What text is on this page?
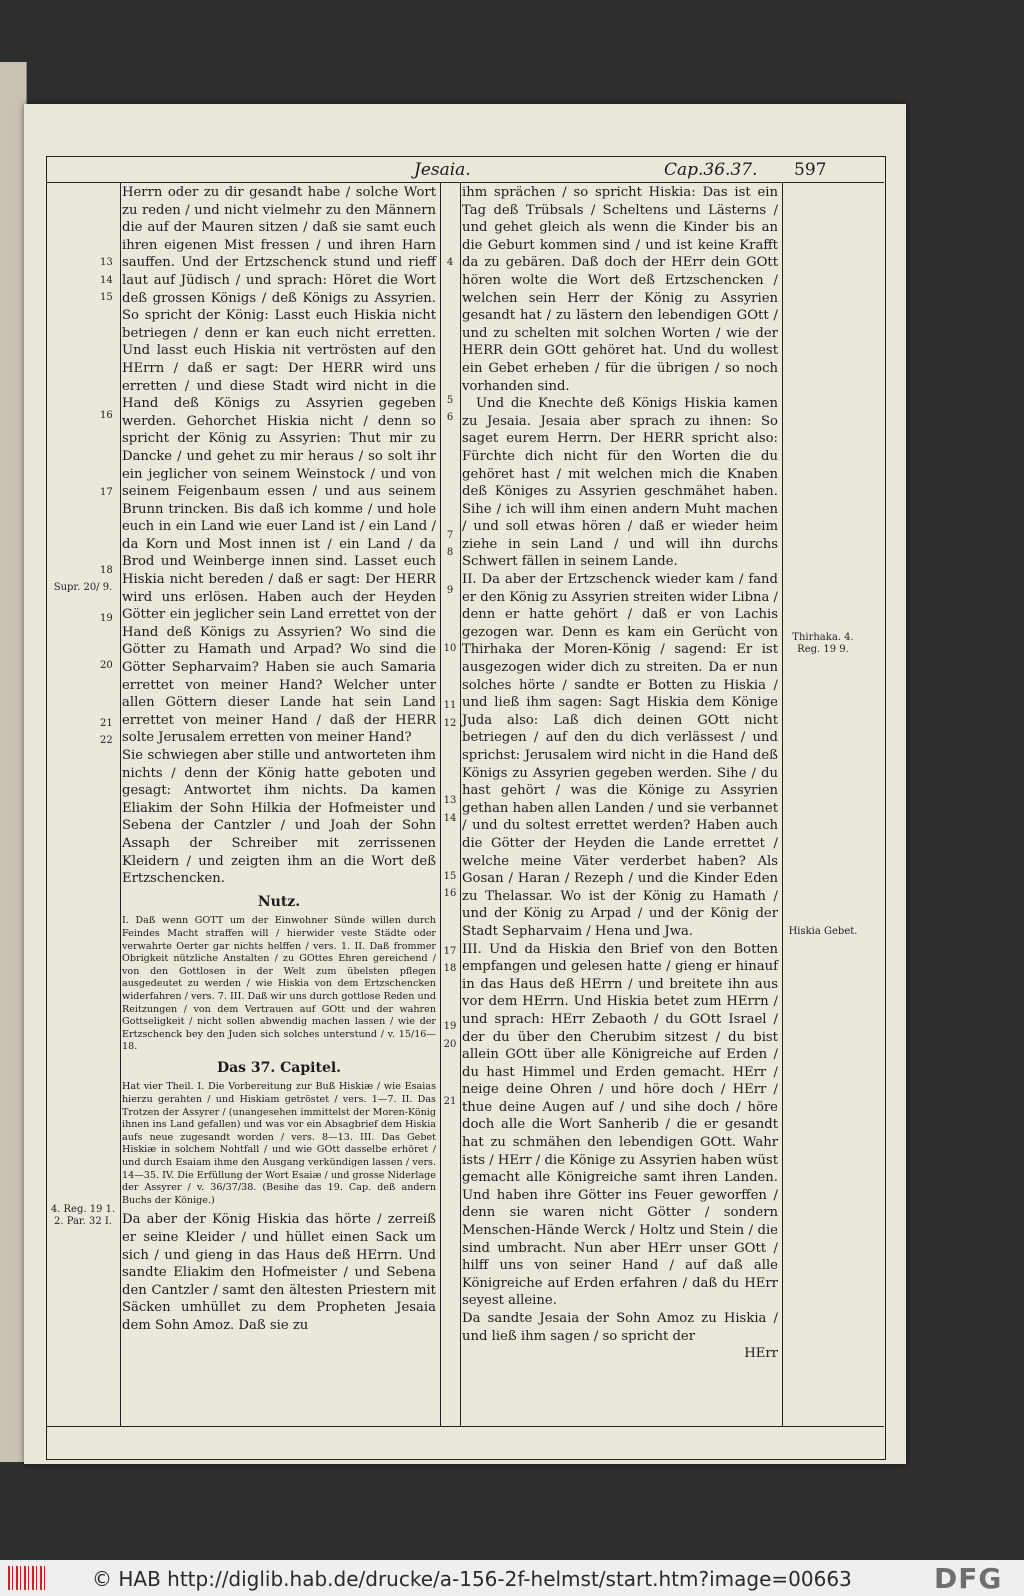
Jesaia.	Cap.36.37. 597
13
14
15
16
17
18
19
20
21
22

Herrn oder zu dir gesandt habe / solche Wort zu reden / und nicht vielmehr zu den Männern die auf der Mauren sitzen / daß sie samt euch ihren eigenen Mist fressen / und ihren Harn sauffen. Und der Ertzschenck stund und rieff laut auf Jüdisch / und sprach: Höret die Wort deß grossen Königs / deß Königs zu Assyrien. So spricht der König: Lasst euch Hiskia nicht betriegen / denn er kan euch nicht erretten. Und lasst euch Hiskia nit vertrösten auf den HErrn / daß er sagt: Der HERR wird uns erretten / und diese Stadt wird nicht in die Hand deß Königs zu Assyrien gegeben werden. Gehorchet Hiskia nicht / denn so spricht der König zu Assyrien: Thut mir zu Dancke / und gehet zu mir heraus / so solt ihr ein jeglicher von seinem Weinstock / und von seinem Feigenbaum essen / und aus seinem Brunn trincken. Bis daß ich komme / und hole euch in ein Land wie euer Land ist / ein Land / da Korn und Most innen ist / ein Land / da Brod und Weinberge innen sind. Lasset euch Hiskia nicht bereden / daß er sagt: Der HERR wird uns erlösen. Haben auch der Heyden Götter ein jeglicher sein Land errettet von der Hand deß Königs zu Assyrien? Wo sind die Götter zu Hamath und Arpad? Wo sind die Götter Sepharvaim? Haben sie auch Samaria errettet von meiner Hand? Welcher unter allen Göttern dieser Lande hat sein Land errettet von meiner Hand / daß der HERR solte Jerusalem erretten von meiner Hand?

Sie schwiegen aber stille und antworteten ihm nichts / denn der König hatte geboten und gesagt: Antwortet ihm nichts. Da kamen Eliakim der Sohn Hilkia der Hofmeister und Sebena der Cantzler / und Joah der Sohn Assaph der Schreiber mit zerrissenen Kleidern / und zeigten ihm an die Wort deß Ertzschencken.

Nutz.

I. Daß wenn GOTT um der Einwohner Sünde willen durch Feindes Macht straffen will / hierwider veste Städte oder verwahrte Oerter gar nichts helffen / vers. 1. II. Daß frommer Obrigkeit nützliche Anstalten / zu GOttes Ehren gereichend / von den Gottlosen in der Welt zum übelsten pflegen ausgedeutet zu werden / wie Hiskia von dem Ertzschencken widerfahren / vers. 7. III. Daß wir uns durch gottlose Reden und Reitzungen / von dem Vertrauen auf GOtt und der wahren Gottseligkeit / nicht sollen abwendig machen lassen / wie der Ertzschenck bey den Juden sich solches unterstund / v. 15/16—18.

Das 37. Capitel.

Hat vier Theil. I. Die Vorbereitung zur Buß Hiskiæ / wie Esaias hierzu gerahten / und Hiskiam getröstet / vers. 1—7. II. Das Trotzen der Assyrer / (unangesehen immittelst der Moren-König ihnen ins Land gefallen) und was vor ein Absagbrief dem Hiskia aufs neue zugesandt worden / vers. 8—13. III. Das Gebet Hiskiæ in solchem Nohtfall / und wie GOtt dasselbe erhöret / und durch Esaiam ihme den Ausgang verkündigen lassen / vers. 14—35. IV. Die Erfüllung der Wort Esaiæ / und grosse Niderlage der Assyrer / v. 36/37/38. (Besihe das 19. Cap. deß andern Buchs der Könige.)

Da aber der König Hiskia das hörte / zerreiß er seine Kleider / und hüllet einen Sack um sich / und gieng in das Haus deß HErrn. Und sandte Eliakim den Hofmeister / und Sebena den Cantzler / samt den ältesten Priestern mit Säcken umhüllet zu dem Propheten Jesaia dem Sohn Amoz. Daß sie zu

4
5
6
7
8
9
10
11
12
13
14
15
16
17
18
19
20
21

ihm sprächen / so spricht Hiskia: Das ist ein Tag deß Trübsals / Scheltens und Lästerns / und gehet gleich als wenn die Kinder bis an die Geburt kommen sind / und ist keine Krafft da zu gebären. Daß doch der HErr dein GOtt hören wolte die Wort deß Ertzschencken / welchen sein Herr der König zu Assyrien gesandt hat / zu lästern den lebendigen GOtt / und zu schelten mit solchen Worten / wie der HERR dein GOtt gehöret hat. Und du wollest ein Gebet erheben / für die übrigen / so noch vorhanden sind.

Und die Knechte deß Königs Hiskia kamen zu Jesaia. Jesaia aber sprach zu ihnen: So saget eurem Herrn. Der HERR spricht also: Fürchte dich nicht für den Worten die du gehöret hast / mit welchen mich die Knaben deß Königes zu Assyrien geschmähet haben. Sihe / ich will ihm einen andern Muht machen / und soll etwas hören / daß er wieder heim ziehe in sein Land / und will ihn durchs Schwert fällen in seinem Lande.

II. Da aber der Ertzschenck wieder kam / fand er den König zu Assyrien streiten wider Libna / denn er hatte gehört / daß er von Lachis gezogen war. Denn es kam ein Gerücht von Thirhaka der Moren-König / sagend: Er ist ausgezogen wider dich zu streiten. Da er nun solches hörte / sandte er Botten zu Hiskia / und ließ ihm sagen: Sagt Hiskia dem Könige Juda also: Laß dich deinen GOtt nicht betriegen / auf den du dich verlässest / und sprichst: Jerusalem wird nicht in die Hand deß Königs zu Assyrien gegeben werden. Sihe / du hast gehört / was die Könige zu Assyrien gethan haben allen Landen / und sie verbannet / und du soltest errettet werden? Haben auch die Götter der Heyden die Lande errettet / welche meine Väter verderbet haben? Als Gosan / Haran / Rezeph / und die Kinder Eden zu Thelassar. Wo ist der König zu Hamath / und der König zu Arpad / und der König der Stadt Sepharvaim / Hena und Jwa.

III. Und da Hiskia den Brief von den Botten empfangen und gelesen hatte / gieng er hinauf in das Haus deß HErrn / und breitete ihn aus vor dem HErrn. Und Hiskia betet zum HErrn / und sprach: HErr Zebaoth / du GOtt Israel / der du über den Cherubim sitzest / du bist allein GOtt über alle Königreiche auf Erden / du hast Himmel und Erden gemacht. HErr / neige deine Ohren / und höre doch / HErr / thue deine Augen auf / und sihe doch / höre doch alle die Wort Sanherib / die er gesandt hat zu schmähen den lebendigen GOtt. Wahr ists / HErr / die Könige zu Assyrien haben wüst gemacht alle Königreiche samt ihren Landen. Und haben ihre Götter ins Feuer geworffen / denn sie waren nicht Götter / sondern Menschen-Hände Werck / Holtz und Stein / die sind umbracht. Nun aber HErr unser GOtt / hilff uns von seiner Hand / auf daß alle Königreiche auf Erden erfahren / daß du HErr seyest alleine.

Da sandte Jesaia der Sohn Amoz zu Hiskia / und ließ ihm sagen / so spricht der

HErr
Supr. 20/ 9.
4. Reg. 19 1. 2. Par. 32 I.
Thirhaka. 4. Reg. 19 9.
Hiskia Gebet.
© HAB http://diglib.hab.de/drucke/a-156-2f-helmst/start.htm?image=00663	DFG
